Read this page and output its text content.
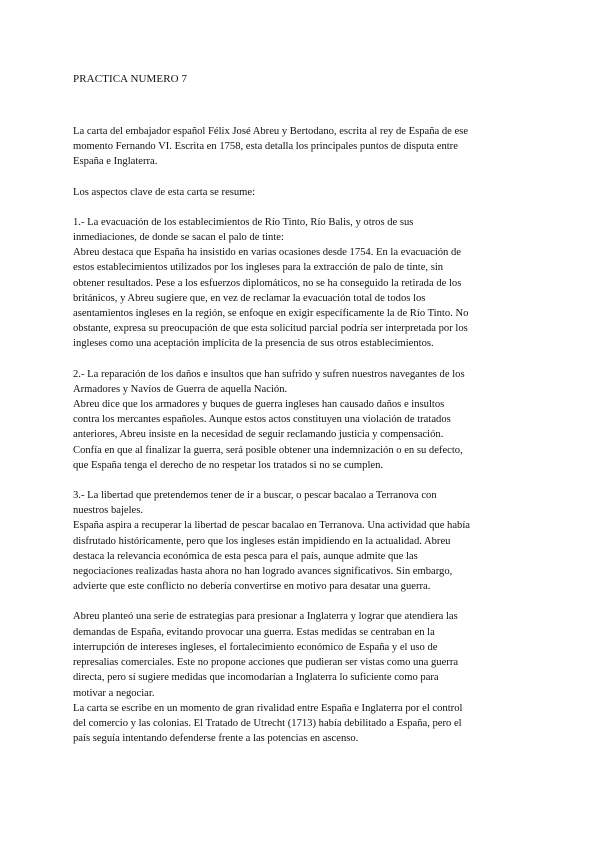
PRACTICA NUMERO 7

La carta del embajador español Félix José Abreu y Bertodano, escrita al rey de España de ese
momento Fernando VI. Escrita en 1758, esta detalla los principales puntos de disputa entre
España e Inglaterra.

Los aspectos clave de esta carta se resume:

1.- La evacuación de los establecimientos de Río Tinto, Río Balis, y otros de sus
inmediaciones, de donde se sacan el palo de tinte:
Abreu destaca que España ha insistido en varias ocasiones desde 1754. En la evacuación de
estos establecimientos utilizados por los ingleses para la extracción de palo de tinte, sin
obtener resultados. Pese a los esfuerzos diplomáticos, no se ha conseguido la retirada de los
británicos, y Abreu sugiere que, en vez de reclamar la evacuación total de todos los
asentamientos ingleses en la región, se enfoque en exigir específicamente la de Río Tinto. No
obstante, expresa su preocupación de que esta solicitud parcial podría ser interpretada por los
ingleses como una aceptación implícita de la presencia de sus otros establecimientos.

2.- La reparación de los daños e insultos que han sufrido y sufren nuestros navegantes de los
Armadores y Navíos de Guerra de aquella Nación.
Abreu dice que los armadores y buques de guerra ingleses han causado daños e insultos
contra los mercantes españoles. Aunque estos actos constituyen una violación de tratados
anteriores, Abreu insiste en la necesidad de seguir reclamando justicia y compensación.
Confía en que al finalizar la guerra, será posible obtener una indemnización o en su defecto,
que España tenga el derecho de no respetar los tratados si no se cumplen.

3.- La libertad que pretendemos tener de ir a buscar, o pescar bacalao a Terranova con
nuestros bajeles.
España aspira a recuperar la libertad de pescar bacalao en Terranova. Una actividad que había
disfrutado históricamente, pero que los ingleses están impidiendo en la actualidad. Abreu
destaca la relevancia económica de esta pesca para el país, aunque admite que las
negociaciones realizadas hasta ahora no han logrado avances significativos. Sin embargo,
advierte que este conflicto no debería convertirse en motivo para desatar una guerra.

Abreu planteó una serie de estrategias para presionar a Inglaterra y lograr que atendiera las
demandas de España, evitando provocar una guerra. Estas medidas se centraban en la
interrupción de intereses ingleses, el fortalecimiento económico de España y el uso de
represalias comerciales. Este no propone acciones que pudieran ser vistas como una guerra
directa, pero sí sugiere medidas que incomodarían a Inglaterra lo suficiente como para
motivar a negociar.

La carta se escribe en un momento de gran rivalidad entre España e Inglaterra por el control
del comercio y las colonias. El Tratado de Utrecht (1713) había debilitado a España, pero el
país seguía intentando defenderse frente a las potencias en ascenso.
